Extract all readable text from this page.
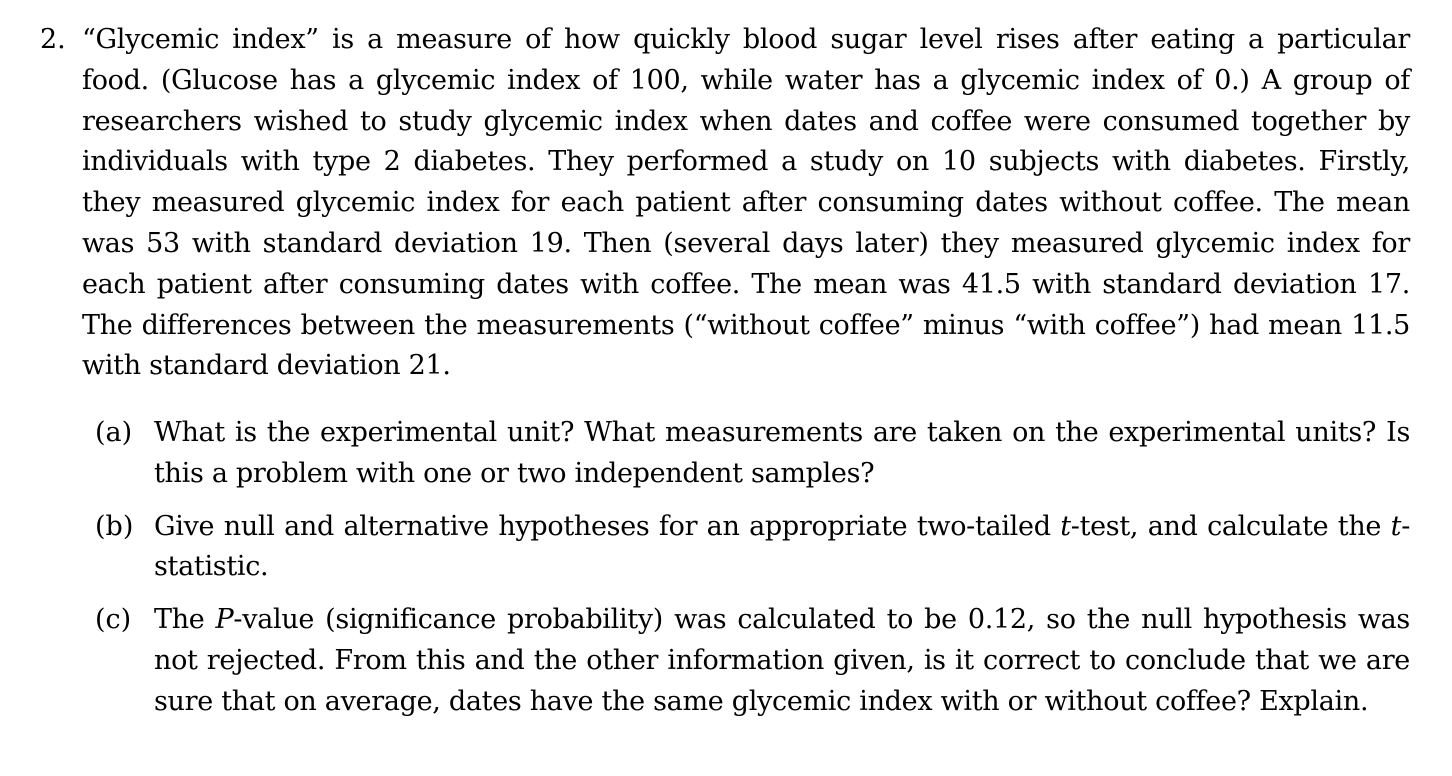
2. “Glycemic index” is a measure of how quickly blood sugar level rises after eating a particular food. (Glucose has a glycemic index of 100, while water has a glycemic index of 0.) A group of researchers wished to study glycemic index when dates and coffee were consumed together by individuals with type 2 diabetes. They performed a study on 10 subjects with diabetes. Firstly, they measured glycemic index for each patient after consuming dates without coffee. The mean was 53 with standard deviation 19. Then (several days later) they measured glycemic index for each patient after consuming dates with coffee. The mean was 41.5 with standard deviation 17. The differences between the measurements (“without coffee” minus “with coffee”) had mean 11.5 with standard deviation 21.
(a) What is the experimental unit? What measurements are taken on the experimental units? Is this a problem with one or two independent samples?
(b) Give null and alternative hypotheses for an appropriate two-tailed t-test, and calculate the t-statistic.
(c) The P-value (significance probability) was calculated to be 0.12, so the null hypothesis was not rejected. From this and the other information given, is it correct to conclude that we are sure that on average, dates have the same glycemic index with or without coffee? Explain.
